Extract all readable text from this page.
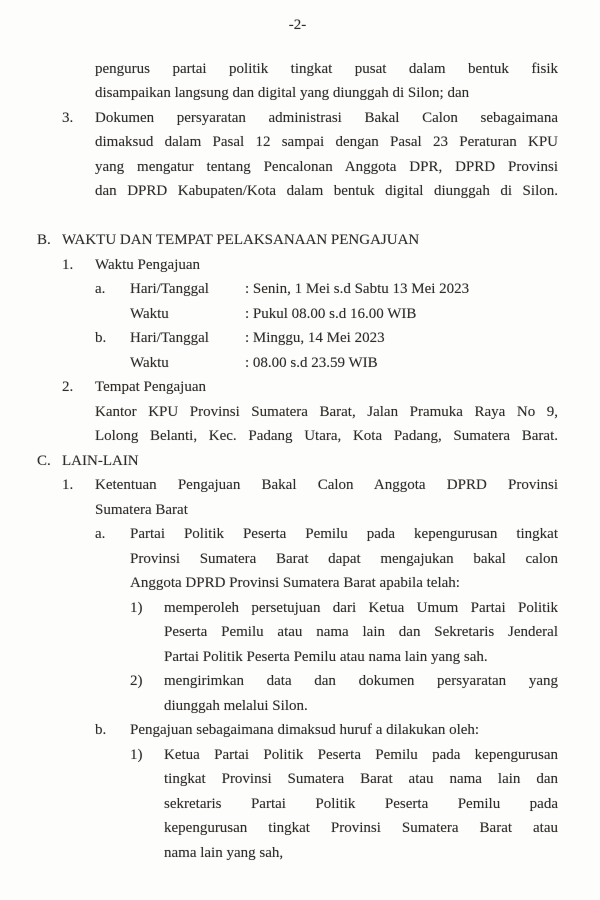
-2-
pengurus partai politik tingkat pusat dalam bentuk fisik
disampaikan langsung dan digital yang diunggah di Silon; dan
3.	Dokumen persyaratan administrasi Bakal Calon sebagaimana
dimaksud dalam Pasal 12 sampai dengan Pasal 23 Peraturan KPU
yang mengatur tentang Pencalonan Anggota DPR, DPRD Provinsi
dan DPRD Kabupaten/Kota dalam bentuk digital diunggah di Silon.
B. WAKTU DAN TEMPAT PELAKSANAAN PENGAJUAN
1.	Waktu Pengajuan
a.	Hari/Tanggal	: Senin, 1 Mei s.d Sabtu 13 Mei 2023
Waktu	: Pukul 08.00 s.d 16.00 WIB
b.	Hari/Tanggal	: Minggu, 14 Mei 2023
Waktu	: 08.00 s.d 23.59 WIB
2.	Tempat Pengajuan
Kantor KPU Provinsi Sumatera Barat, Jalan Pramuka Raya No 9,
Lolong Belanti, Kec. Padang Utara, Kota Padang, Sumatera Barat.
C. LAIN-LAIN
1.	Ketentuan Pengajuan Bakal Calon Anggota DPRD Provinsi
Sumatera Barat
a.	Partai Politik Peserta Pemilu pada kepengurusan tingkat
Provinsi Sumatera Barat dapat mengajukan bakal calon
Anggota DPRD Provinsi Sumatera Barat apabila telah:
1)	memperoleh persetujuan dari Ketua Umum Partai Politik
Peserta Pemilu atau nama lain dan Sekretaris Jenderal
Partai Politik Peserta Pemilu atau nama lain yang sah.
2)	mengirimkan data dan dokumen persyaratan yang
diunggah melalui Silon.
b.	Pengajuan sebagaimana dimaksud huruf a dilakukan oleh:
1)	Ketua Partai Politik Peserta Pemilu pada kepengurusan
tingkat Provinsi Sumatera Barat atau nama lain dan
sekretaris Partai Politik Peserta Pemilu pada
kepengurusan tingkat Provinsi Sumatera Barat atau
nama lain yang sah,
